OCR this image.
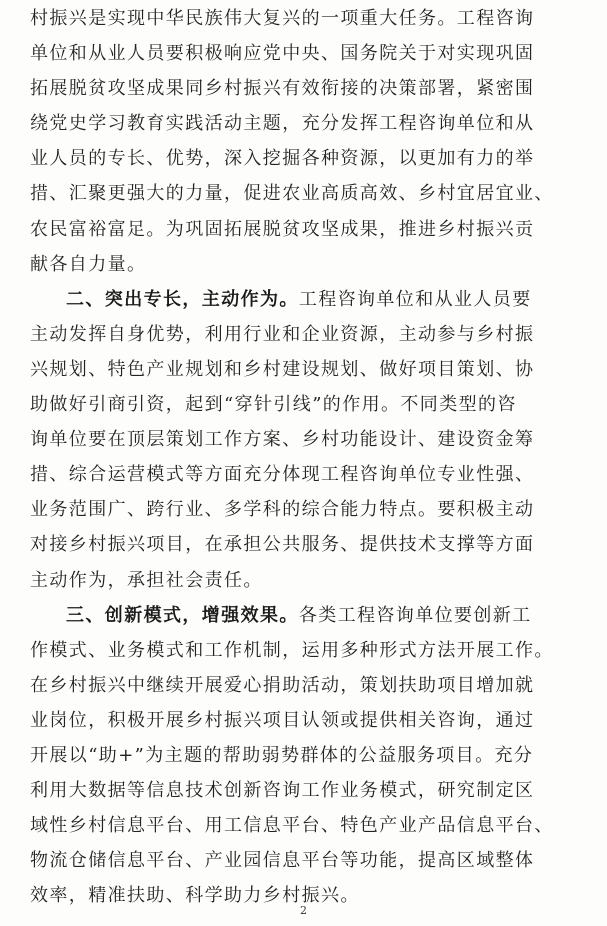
村振兴是实现中华民族伟大复兴的一项重大任务。工程咨询
单位和从业人员要积极响应党中央、国务院关于对实现巩固
拓展脱贫攻坚成果同乡村振兴有效衔接的决策部署，紧密围
绕党史学习教育实践活动主题，充分发挥工程咨询单位和从
业人员的专长、优势，深入挖掘各种资源，以更加有力的举
措、汇聚更强大的力量，促进农业高质高效、乡村宜居宜业、
农民富裕富足。为巩固拓展脱贫攻坚成果，推进乡村振兴贡
献各自力量。
二、突出专长，主动作为。工程咨询单位和从业人员要
主动发挥自身优势，利用行业和企业资源，主动参与乡村振
兴规划、特色产业规划和乡村建设规划、做好项目策划、协
助做好引商引资，起到“穿针引线”的作用。不同类型的咨
询单位要在顶层策划工作方案、乡村功能设计、建设资金筹
措、综合运营模式等方面充分体现工程咨询单位专业性强、
业务范围广、跨行业、多学科的综合能力特点。要积极主动
对接乡村振兴项目，在承担公共服务、提供技术支撑等方面
主动作为，承担社会责任。
三、创新模式，增强效果。各类工程咨询单位要创新工
作模式、业务模式和工作机制，运用多种形式方法开展工作。
在乡村振兴中继续开展爱心捐助活动，策划扶助项目增加就
业岗位，积极开展乡村振兴项目认领或提供相关咨询，通过
开展以“助+”为主题的帮助弱势群体的公益服务项目。充分
利用大数据等信息技术创新咨询工作业务模式，研究制定区
域性乡村信息平台、用工信息平台、特色产业产品信息平台、
物流仓储信息平台、产业园信息平台等功能，提高区域整体
效率，精准扶助、科学助力乡村振兴。
2
